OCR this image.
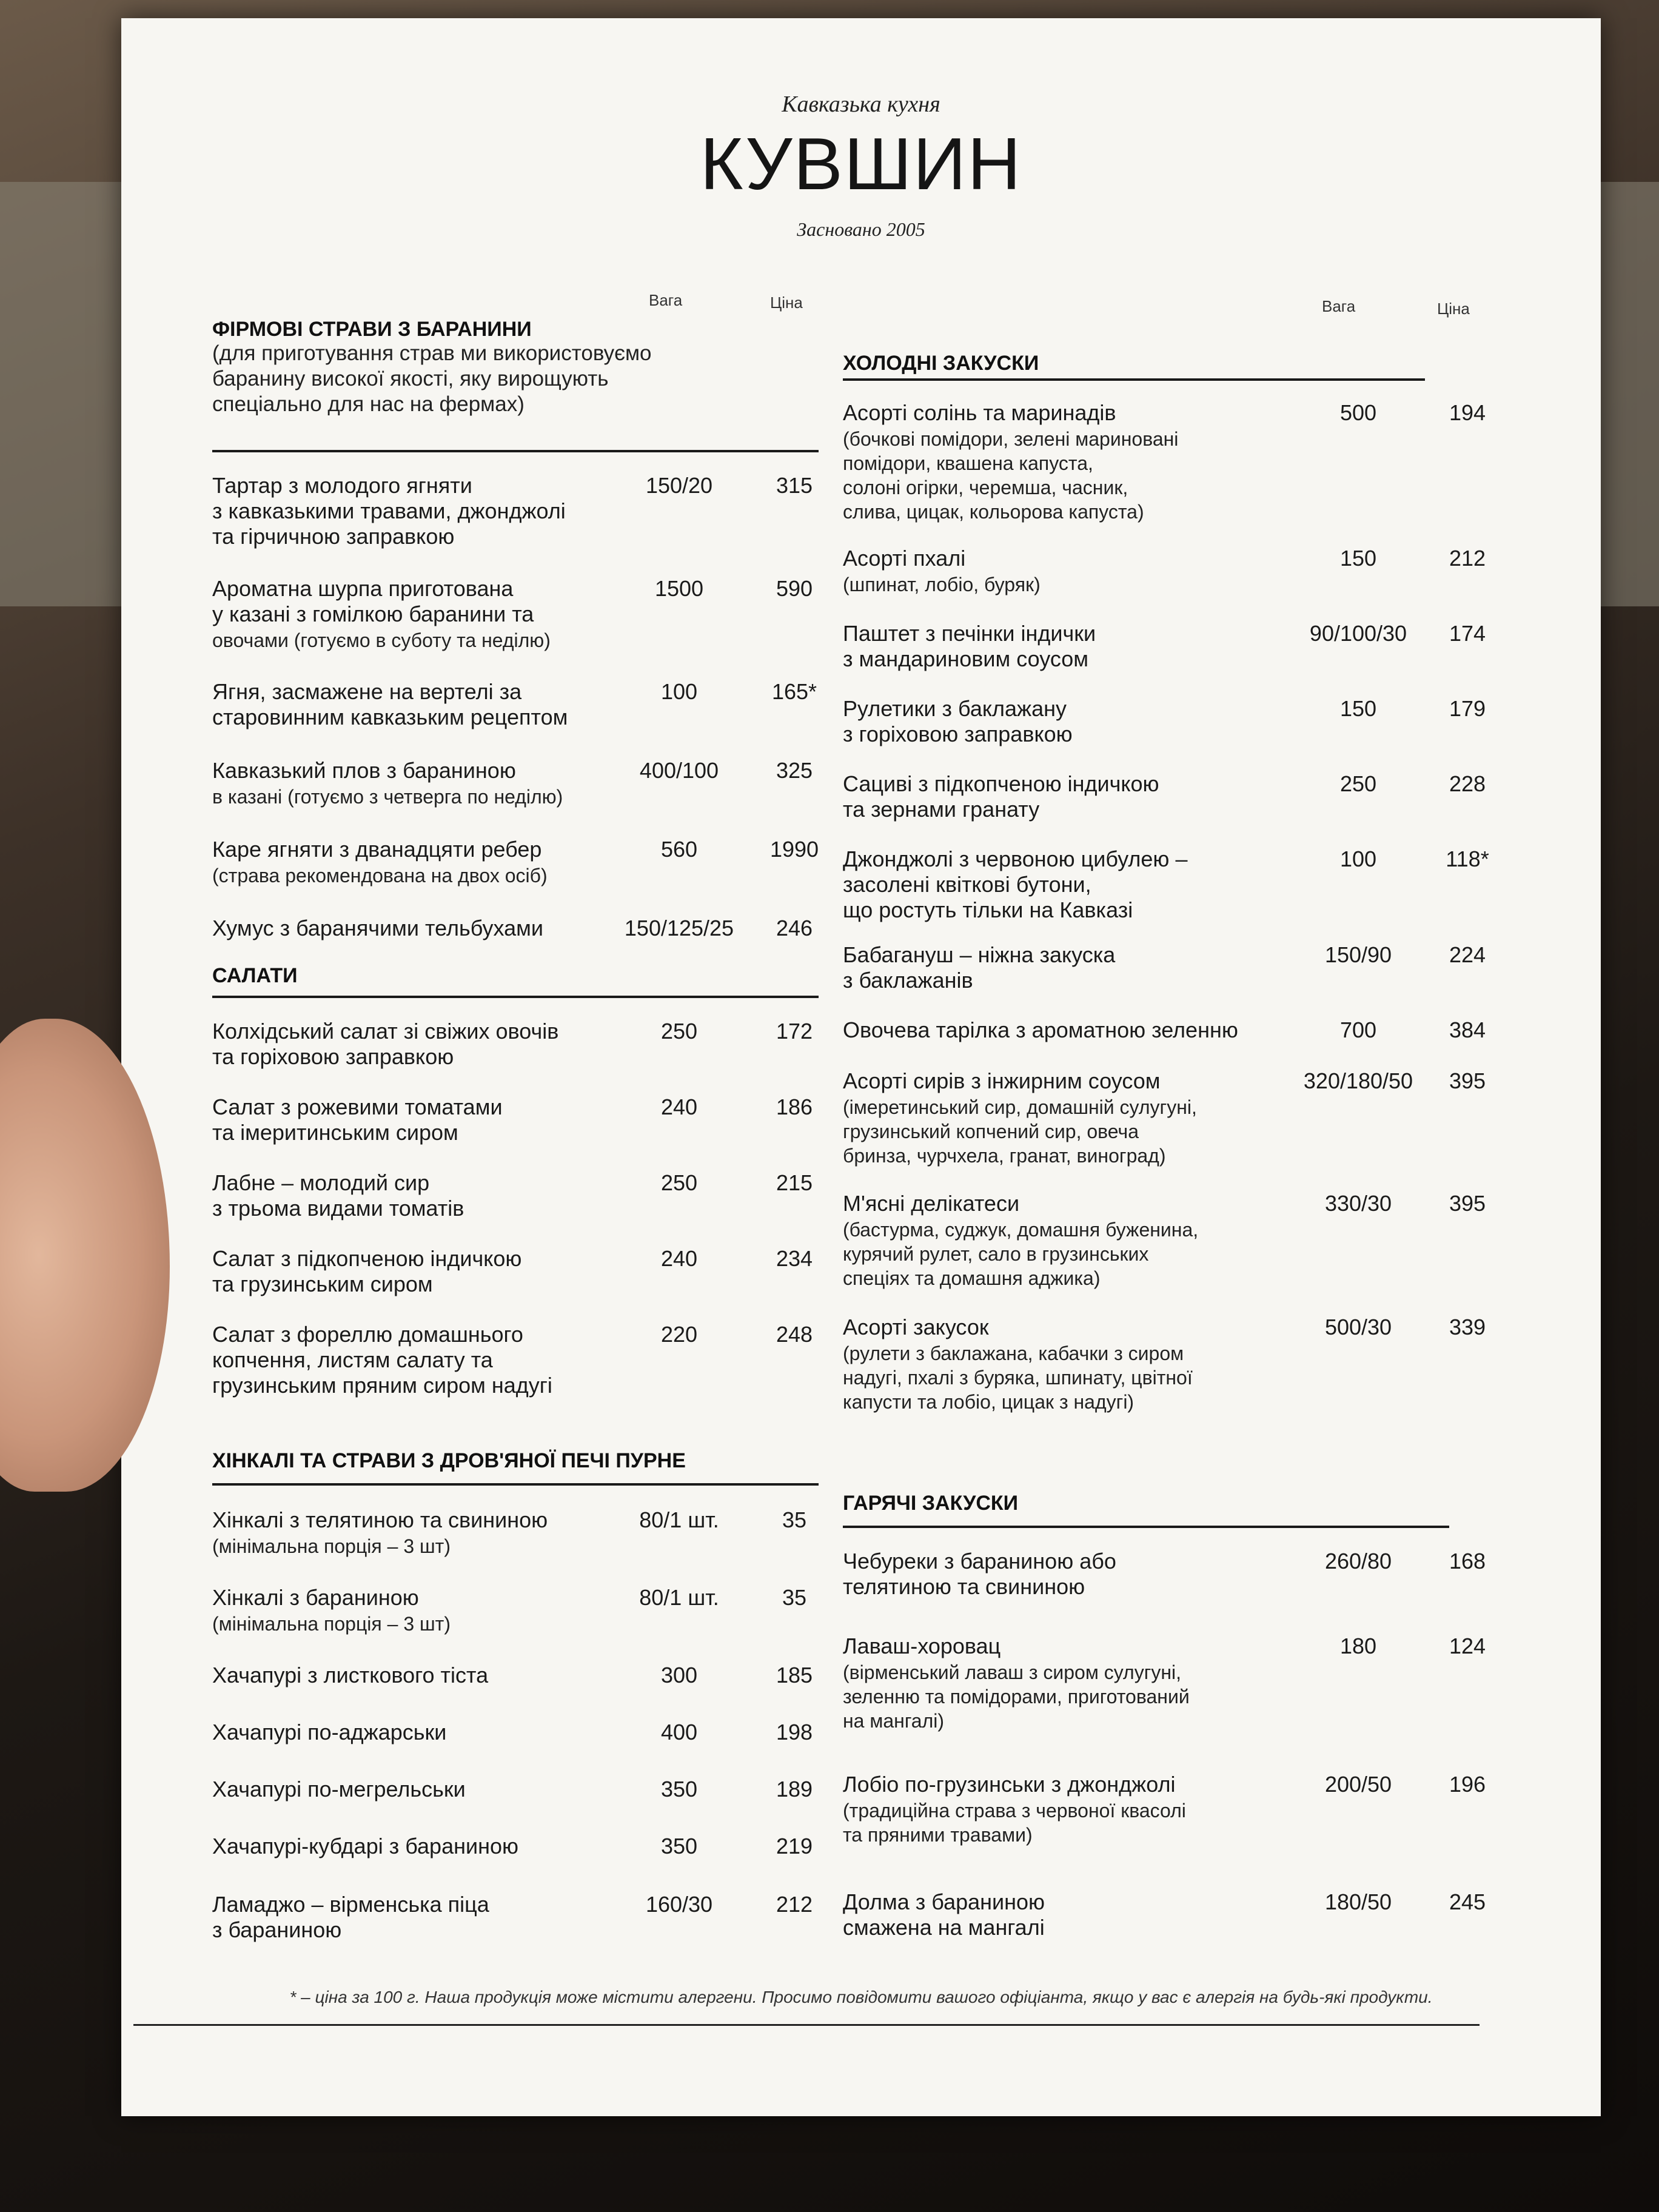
Кавказька кухня
КУВШИН
Засновано 2005
Вага	Ціна
ФІРМОВІ СТРАВИ З БАРАНИНИ
(для приготування страв ми використовуємо
баранину високої якості, яку вирощують
спеціально для нас на фермах)
Тартар з молодого ягняти
з кавказькими травами, джонджолі
та гірчичною заправкою
150/20	315
Ароматна шурпа приготована
у казані з гомілкою баранини та
овочами (готуємо в суботу та неділю)
1500	590
Ягня, засмажене на вертелі за
старовинним кавказьким рецептом
100	165*
Кавказький плов з бараниною
в казані (готуємо з четверга по неділю)
400/100	325
Каре ягняти з дванадцяти ребер
(страва рекомендована на двох осіб)
560	1990
Хумус з баранячими тельбухами	150/125/25	246
САЛАТИ
Колхідський салат зі свіжих овочів
та горіховою заправкою
250	172
Салат з рожевими томатами
та імеритинським сиром
240	186
Лабне – молодий сир
з трьома видами томатів
250	215
Салат з підкопченою індичкою
та грузинським сиром
240	234
Салат з фореллю домашнього
копчення, листям салату та
грузинським пряним сиром надугі
220	248
ХІНКАЛІ ТА СТРАВИ З ДРОВ'ЯНОЇ ПЕЧІ ПУРНЕ
Хінкалі з телятиною та свининою
(мінімальна порція – 3 шт)
80/1 шт.	35
Хінкалі з бараниною
(мінімальна порція – 3 шт)
80/1 шт.	35
Хачапурі з листкового тіста	300	185
Хачапурі по-аджарськи	400	198
Хачапурі по-мегрельськи	350	189
Хачапурі-кубдарі з бараниною	350	219
Ламаджо – вірменська піца
з бараниною
160/30	212
Вага	Ціна
ХОЛОДНІ ЗАКУСКИ
Асорті солінь та маринадів
(бочкові помідори, зелені мариновані
помідори, квашена капуста,
солоні огірки, черемша, часник,
слива, цицак, кольорова капуста)
500	194
Асорті пхалі
(шпинат, лобіо, буряк)
150	212
Паштет з печінки індички
з мандариновим соусом
90/100/30	174
Рулетики з баклажану
з горіховою заправкою
150	179
Сациві з підкопченою індичкою
та зернами гранату
250	228
Джонджолі з червоною цибулею –
засолені квіткові бутони,
що ростуть тільки на Кавказі
100	118*
Бабагануш – ніжна закуска
з баклажанів
150/90	224
Овочева тарілка з ароматною зеленню	700	384
Асорті сирів з інжирним соусом
(імеретинський сир, домашній сулугуні,
грузинський копчений сир, овеча
бринза, чурчхела, гранат, виноград)
320/180/50	395
М'ясні делікатеси
(бастурма, суджук, домашня буженина,
курячий рулет, сало в грузинських
спеціях та домашня аджика)
330/30	395
Асорті закусок
(рулети з баклажана, кабачки з сиром
надугі, пхалі з буряка, шпинату, цвітної
капусти та лобіо, цицак з надугі)
500/30	339
ГАРЯЧІ ЗАКУСКИ
Чебуреки з бараниною або
телятиною та свининою
260/80	168
Лаваш-хоровац
(вірменський лаваш з сиром сулугуні,
зеленню та помідорами, приготований
на мангалі)
180	124
Лобіо по-грузинськи з джонджолі
(традиційна страва з червоної квасолі
та пряними травами)
200/50	196
Долма з бараниною
смажена на мангалі
180/50	245
* – ціна за 100 г. Наша продукція може містити алергени. Просимо повідомити вашого офіціанта, якщо у вас є алергія на будь-які продукти.
